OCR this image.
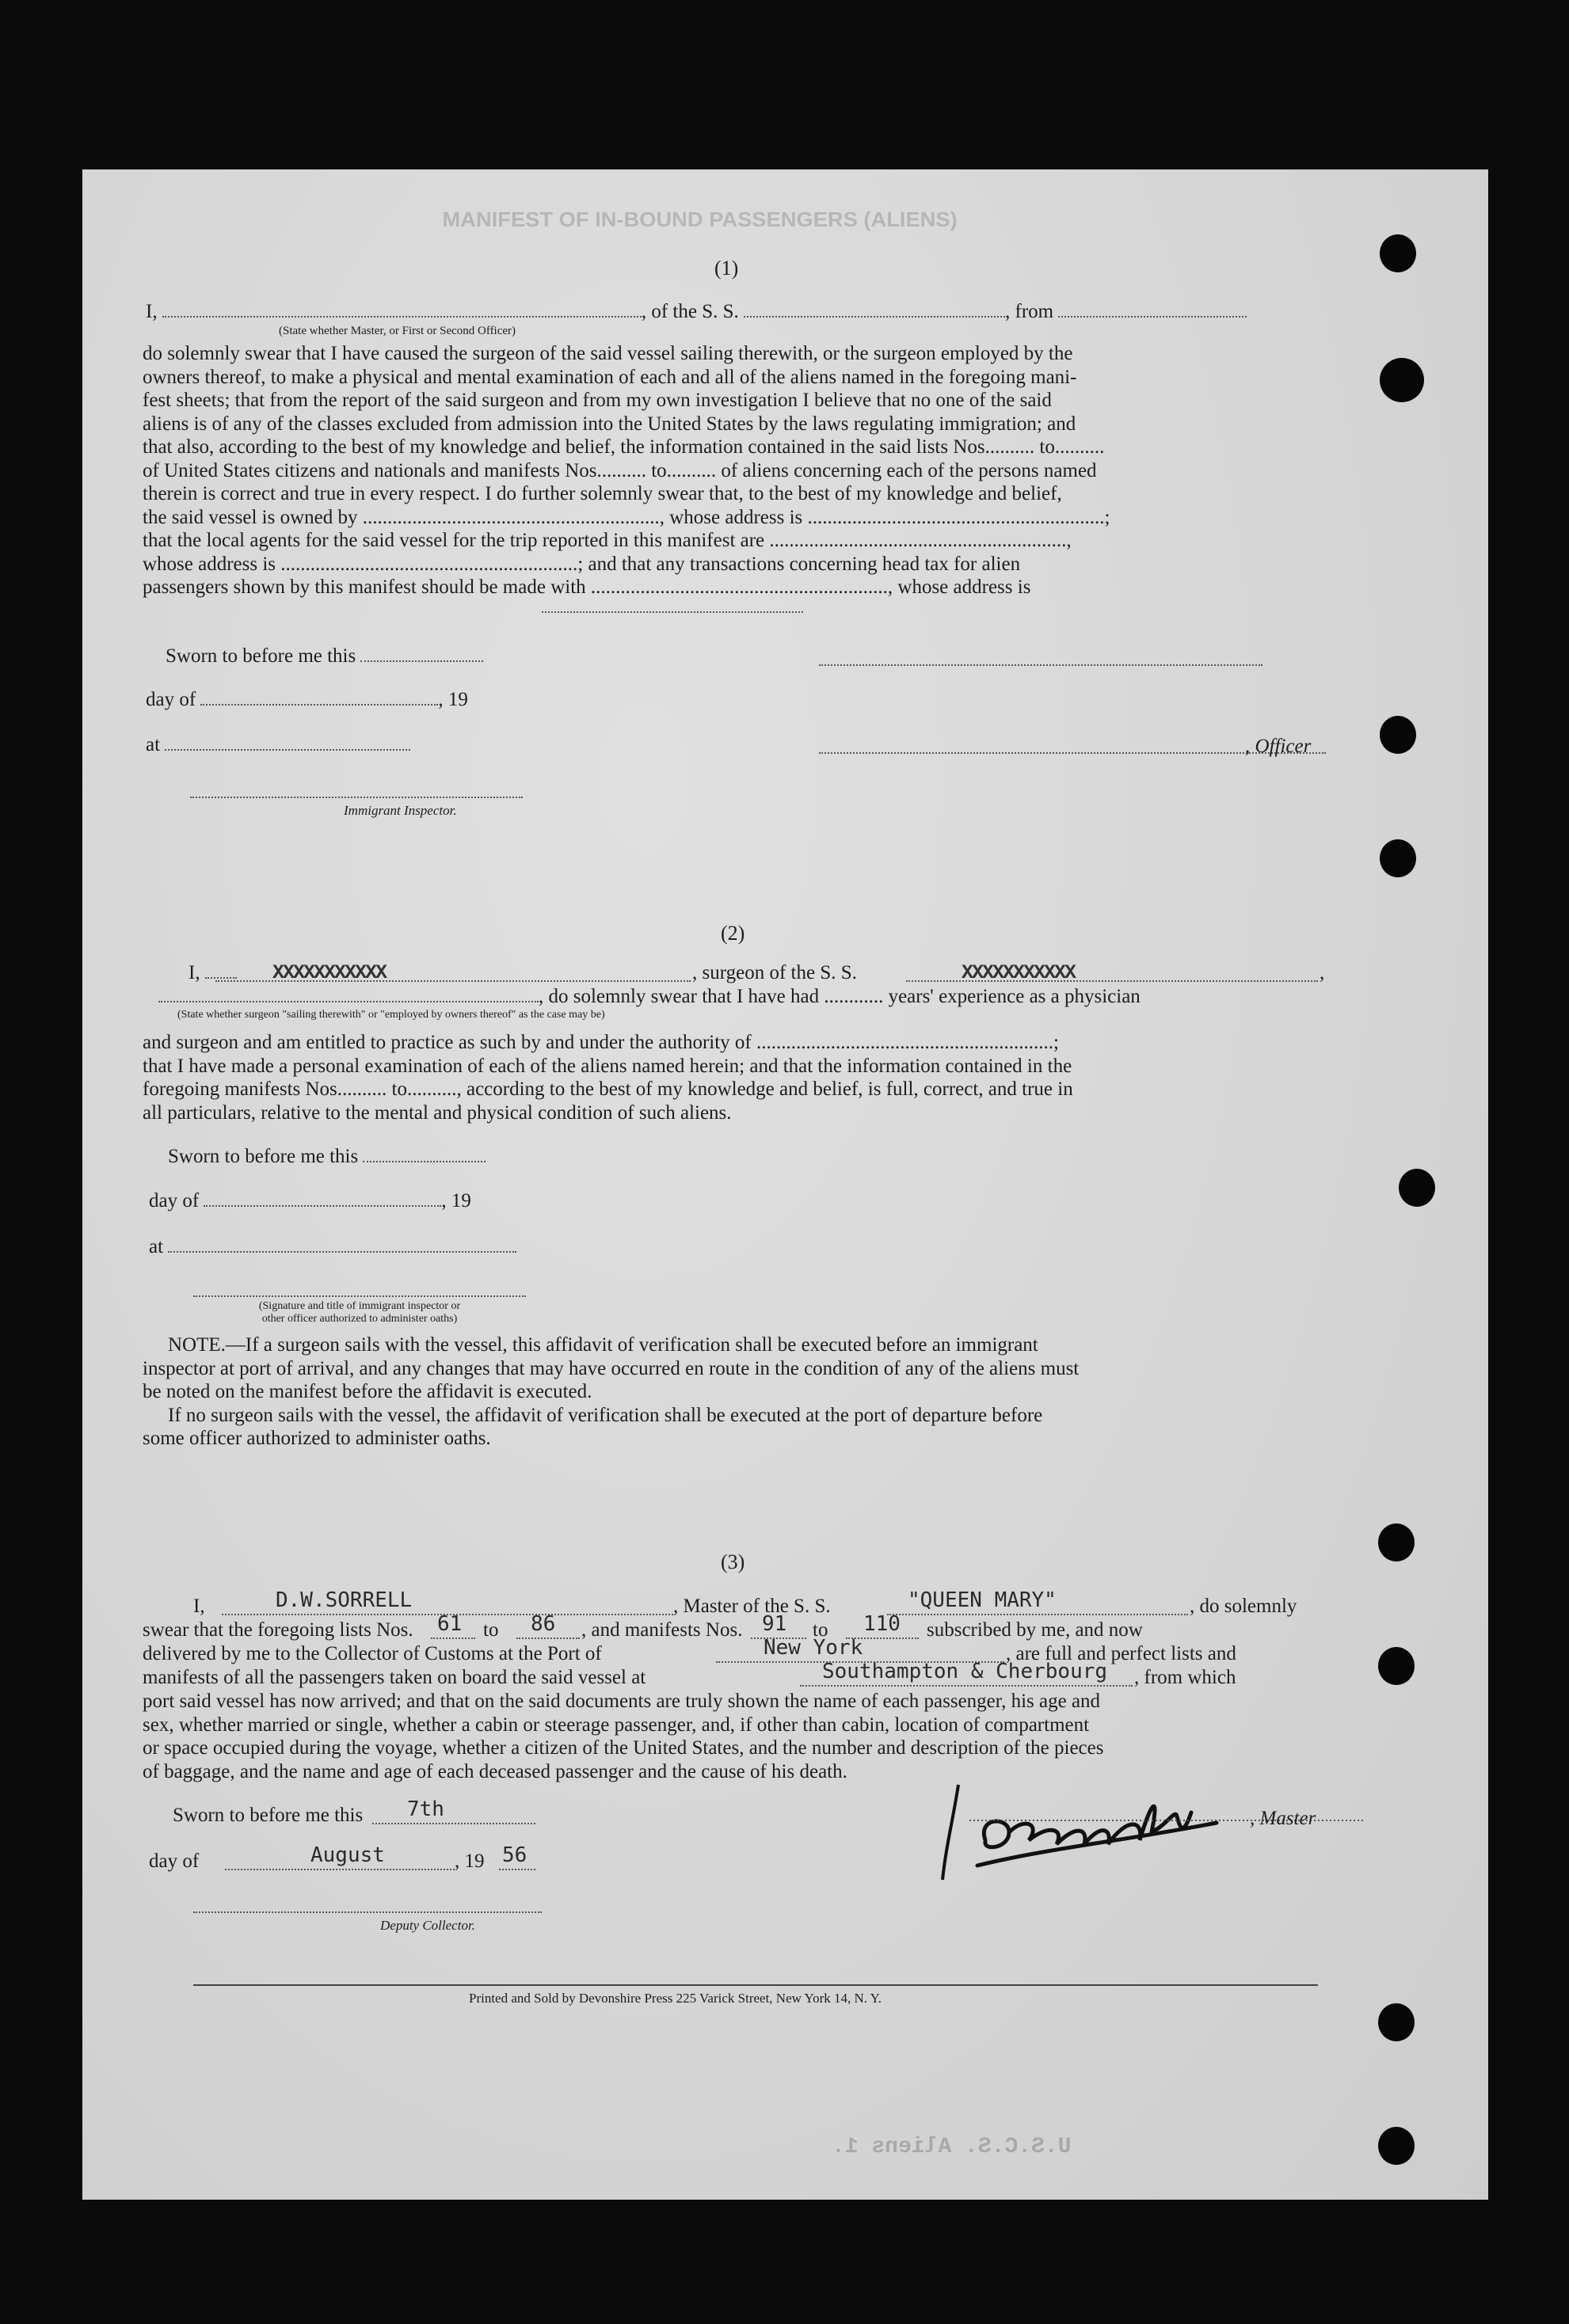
MANIFEST OF IN-BOUND PASSENGERS (ALIENS)
(1)
I,	, of the S. S.	, from
(State whether Master, or First or Second Officer)
do solemnly swear that I have caused the surgeon of the said vessel sailing therewith, or the surgeon employed by the
owners thereof, to make a physical and mental examination of each and all of the aliens named in the foregoing mani-
fest sheets; that from the report of the said surgeon and from my own investigation I believe that no one of the said
aliens is of any of the classes excluded from admission into the United States by the laws regulating immigration; and
that also, according to the best of my knowledge and belief, the information contained in the said lists Nos.......... to..........
of United States citizens and nationals and manifests Nos.......... to.......... of aliens concerning each of the persons named
therein is correct and true in every respect. I do further solemnly swear that, to the best of my knowledge and belief,
the said vessel is owned by ............................................................, whose address is ............................................................;
that the local agents for the said vessel for the trip reported in this manifest are ............................................................,
whose address is ............................................................; and that any transactions concerning head tax for alien
passengers shown by this manifest should be made with ............................................................, whose address is
Sworn to before me this
day of	, 19
at	, Officer
Immigrant Inspector.
(2)
I,	XXXXXXXXXXX	, surgeon of the S. S.	XXXXXXXXXXX	,
, do solemnly swear that I have had ............ years' experience as a physician
(State whether surgeon "sailing therewith" or "employed by owners thereof" as the case may be)
and surgeon and am entitled to practice as such by and under the authority of ............................................................;
that I have made a personal examination of each of the aliens named herein; and that the information contained in the
foregoing manifests Nos.......... to.........., according to the best of my knowledge and belief, is full, correct, and true in
all particulars, relative to the mental and physical condition of such aliens.
Sworn to before me this
day of	, 19
at
(Signature and title of immigrant inspector or
other officer authorized to administer oaths)
NOTE.—If a surgeon sails with the vessel, this affidavit of verification shall be executed before an immigrant
inspector at port of arrival, and any changes that may have occurred en route in the condition of any of the aliens must
be noted on the manifest before the affidavit is executed.
If no surgeon sails with the vessel, the affidavit of verification shall be executed at the port of departure before
some officer authorized to administer oaths.
(3)
I,	D.W.SORRELL	, Master of the S. S.	"QUEEN MARY"	, do solemnly
swear that the foregoing lists Nos. 61 to 86 , and manifests Nos. 91 to 110 subscribed by me, and now
delivered by me to the Collector of Customs at the Port of	New York	, are full and perfect lists and
manifests of all the passengers taken on board the said vessel at	Southampton & Cherbourg , from which
port said vessel has now arrived; and that on the said documents are truly shown the name of each passenger, his age and
sex, whether married or single, whether a cabin or steerage passenger, and, if other than cabin, location of compartment
or space occupied during the voyage, whether a citizen of the United States, and the number and description of the pieces
of baggage, and the name and age of each deceased passenger and the cause of his death.
Sworn to before me this 7th
day of	August	, 19 56
, Master
Deputy Collector.
Printed and Sold by Devonshire Press 225 Varick Street, New York 14, N. Y.
U.S.C.S. Aliens 1.
